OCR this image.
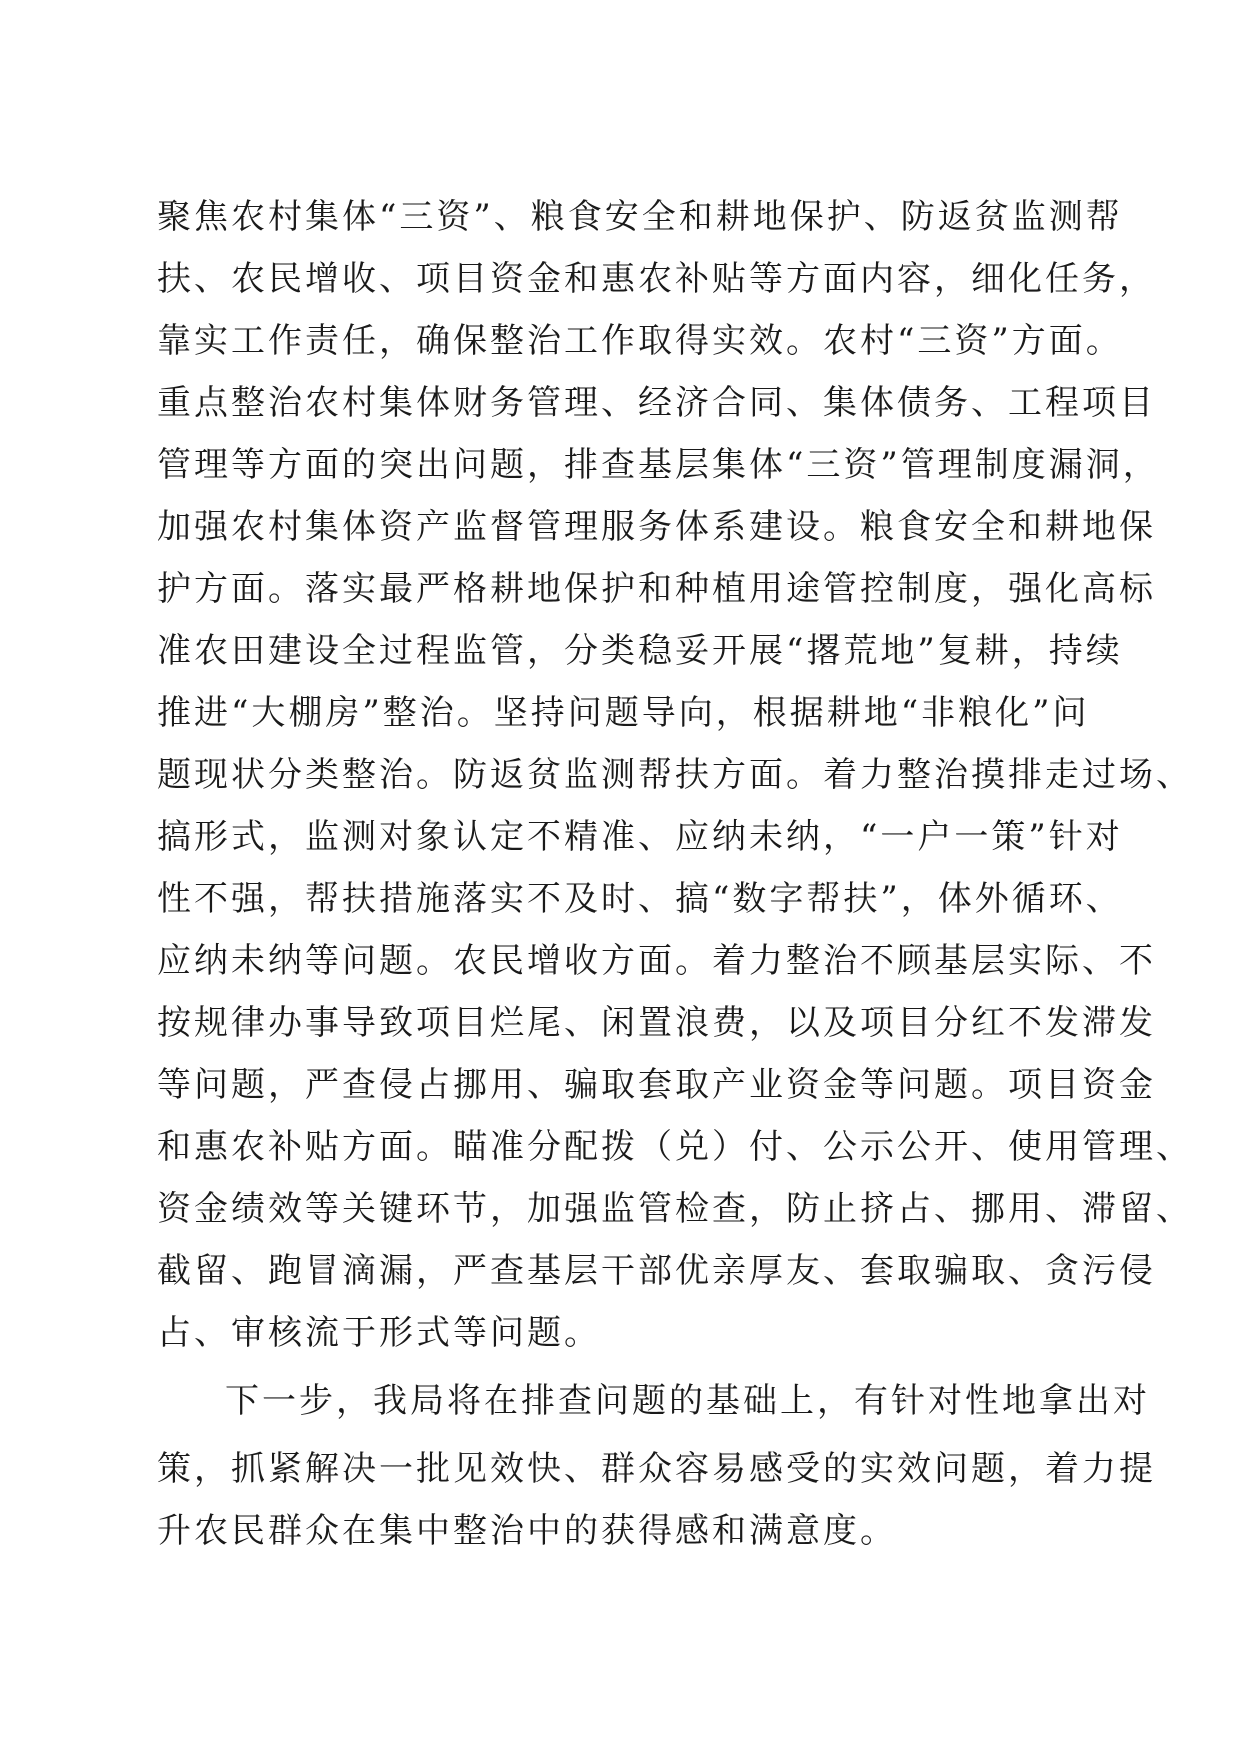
聚焦农村集体“三资”、粮食安全和耕地保护、防返贫监测帮
扶、农民增收、项目资金和惠农补贴等方面内容，细化任务，
靠实工作责任，确保整治工作取得实效。农村“三资”方面。
重点整治农村集体财务管理、经济合同、集体债务、工程项目
管理等方面的突出问题，排查基层集体“三资”管理制度漏洞，
加强农村集体资产监督管理服务体系建设。粮食安全和耕地保
护方面。落实最严格耕地保护和种植用途管控制度，强化高标
准农田建设全过程监管，分类稳妥开展“撂荒地”复耕，持续
推进“大棚房”整治。坚持问题导向，根据耕地“非粮化”问
题现状分类整治。防返贫监测帮扶方面。着力整治摸排走过场、
搞形式，监测对象认定不精准、应纳未纳，“一户一策”针对
性不强，帮扶措施落实不及时、搞“数字帮扶”，体外循环、
应纳未纳等问题。农民增收方面。着力整治不顾基层实际、不
按规律办事导致项目烂尾、闲置浪费，以及项目分红不发滞发
等问题，严查侵占挪用、骗取套取产业资金等问题。项目资金
和惠农补贴方面。瞄准分配拨（兑）付、公示公开、使用管理、
资金绩效等关键环节，加强监管检查，防止挤占、挪用、滞留、
截留、跑冒滴漏，严查基层干部优亲厚友、套取骗取、贪污侵
占、审核流于形式等问题。
下一步，我局将在排查问题的基础上，有针对性地拿出对
策，抓紧解决一批见效快、群众容易感受的实效问题，着力提
升农民群众在集中整治中的获得感和满意度。
